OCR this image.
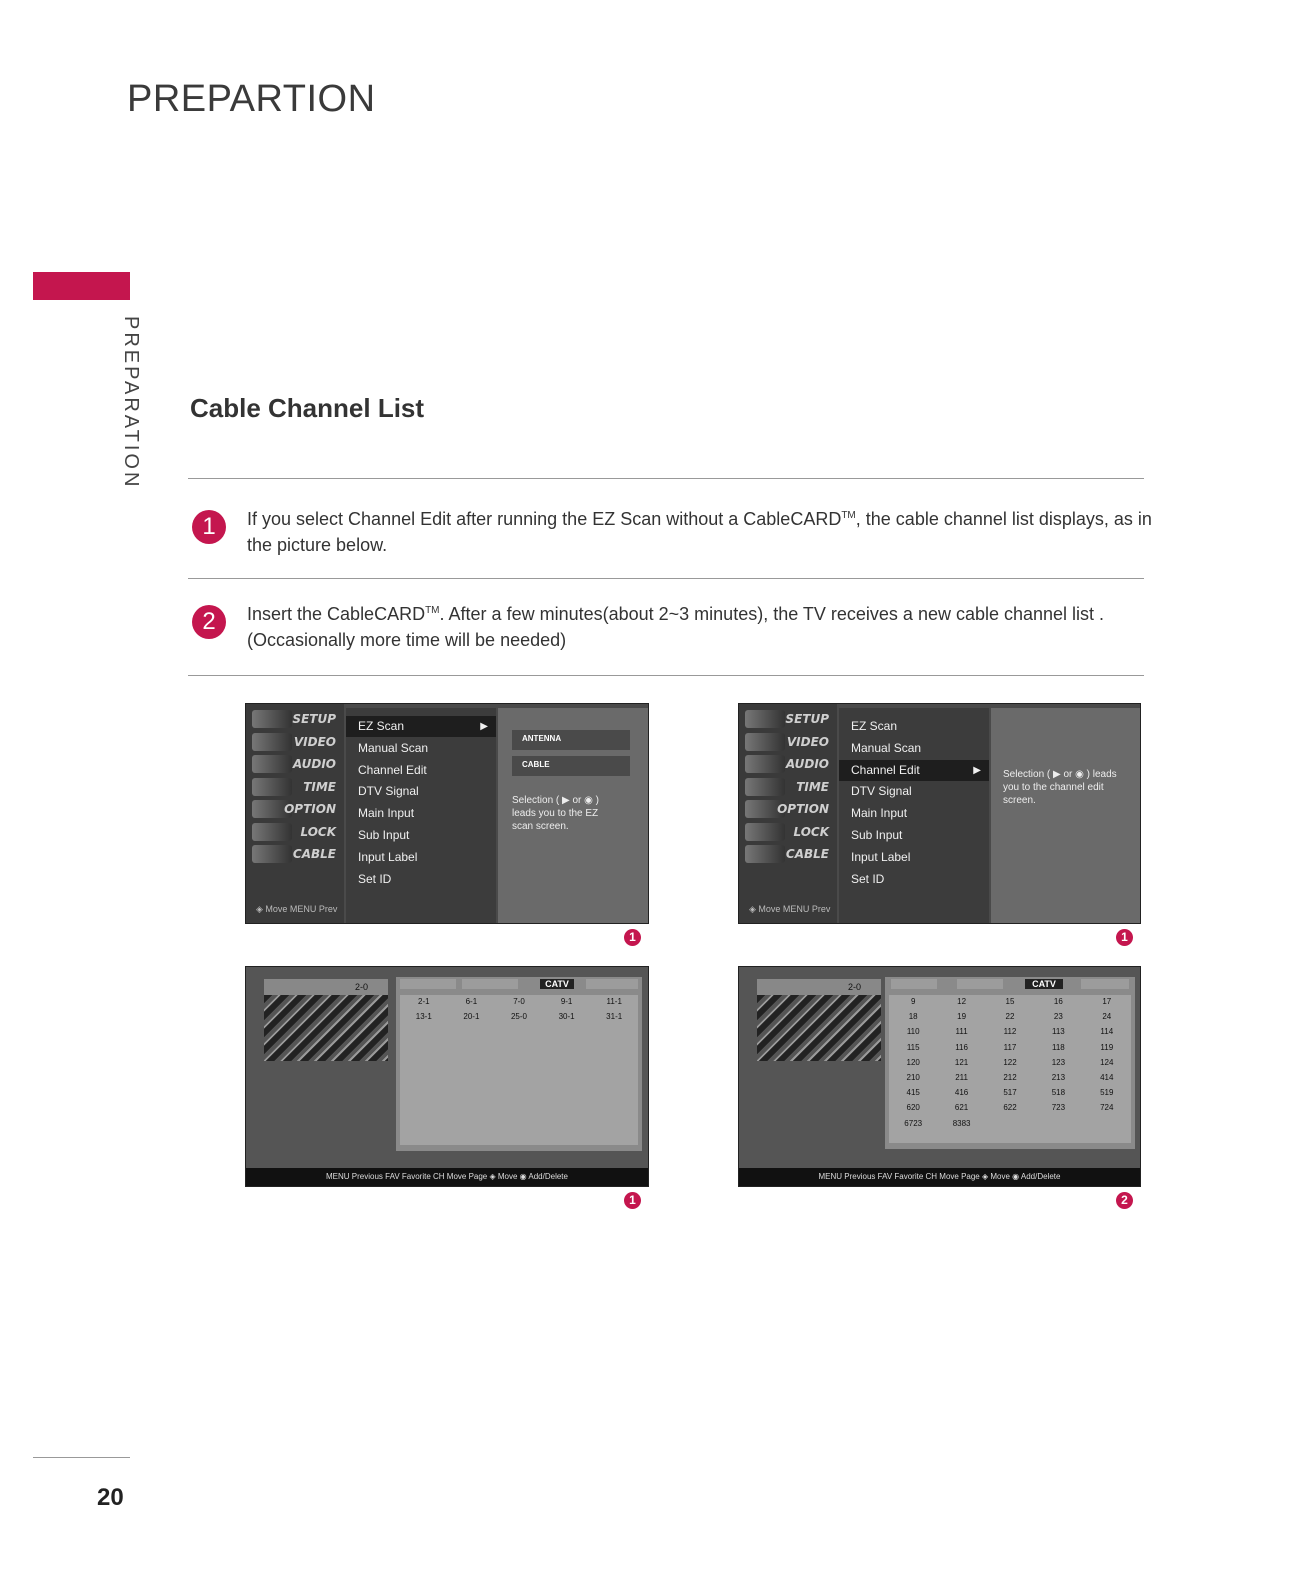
PREPARTION
PREPARATION Cable Channel List
1	If you select Channel Edit after running the EZ Scan without a CableCARD™, the cable channel list displays, as in the picture below.
2	Insert the CableCARD™. After a few minutes(about 2~3 minutes), the TV receives a new cable channel list . (Occasionally more time will be needed)
SETUP
VIDEO
AUDIO
TIME
OPTION
LOCK
CABLE
EZ Scan	▶
Manual Scan
Channel Edit
DTV Signal
Main Input
Sub Input
Input Label
Set ID
ANTENNA
CABLE
Selection ( ▶ or ◉ ) leads you to the EZ scan screen.
◈ Move MENU Prev
1
SETUP
VIDEO
AUDIO
TIME
OPTION
LOCK
CABLE
EZ Scan
Manual Scan
Channel Edit	▶
DTV Signal
Main Input
Sub Input
Input Label
Set ID
Selection ( ▶ or ◉ ) leads you to the channel edit screen.
◈ Move MENU Prev
1
2-0	CATV
2-1	6-1	7-0	9-1	11-1
13-1	20-1	25-0	30-1	31-1
MENU Previous FAV Favorite CH Move Page ◈ Move ◉ Add/Delete
1
2-0	CATV
9	12	15	16	17
18	19	22	23	24
110	111	112	113	114
115	116	117	118	119
120	121	122	123	124
210	211	212	213	414
415	416	517	518	519
620	621	622	723	724
6723	8383
MENU Previous FAV Favorite CH Move Page ◈ Move ◉ Add/Delete
2
20
